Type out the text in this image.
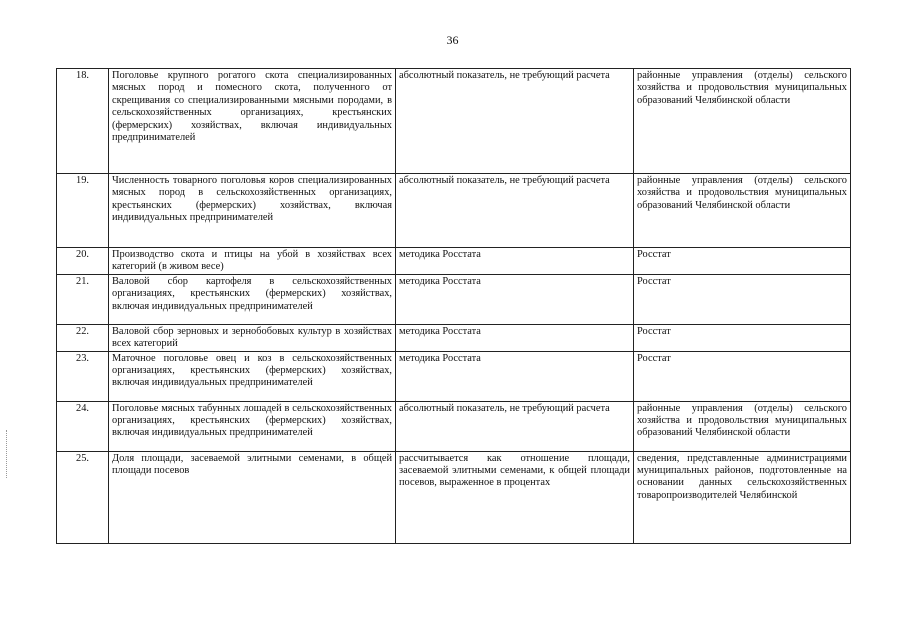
36
18.	Поголовье крупного рогатого скота специализированных мясных пород и помесного скота, полученного от скрещивания со специализированными мясными породами, в сельскохозяйственных организациях, крестьянских (фермерских) хозяйствах, включая индивидуальных предпринимателей	абсолютный показатель, не требующий расчета	районные управления (отделы) сельского хозяйства и продовольствия муниципальных образований Челябинской области
19.	Численность товарного поголовья коров специализированных мясных пород в сельскохозяйственных организациях, крестьянских (фермерских) хозяйствах, включая индивидуальных предпринимателей	абсолютный показатель, не требующий расчета	районные управления (отделы) сельского хозяйства и продовольствия муниципальных образований Челябинской области
20.	Производство скота и птицы на убой в хозяйствах всех категорий (в живом весе)	методика Росстата	Росстат
21.	Валовой сбор картофеля в сельскохозяйственных организациях, крестьянских (фермерских) хозяйствах, включая индивидуальных предпринимателей	методика Росстата	Росстат
22.	Валовой сбор зерновых и зернобобовых культур в хозяйствах всех категорий	методика Росстата	Росстат
23.	Маточное поголовье овец и коз в сельскохозяйственных организациях, крестьянских (фермерских) хозяйствах, включая индивидуальных предпринимателей	методика Росстата	Росстат
24.	Поголовье мясных табунных лошадей в сельскохозяйственных организациях, крестьянских (фермерских) хозяйствах, включая индивидуальных предпринимателей	абсолютный показатель, не требующий расчета	районные управления (отделы) сельского хозяйства и продовольствия муниципальных образований Челябинской области
25.	Доля площади, засеваемой элитными семенами, в общей площади посевов	рассчитывается как отношение площади, засеваемой элитными семенами, к общей площади посевов, выраженное в процентах	сведения, представленные администрациями муниципальных районов, подготовленные на основании данных сельскохозяйственных товаропроизводителей Челябинской
